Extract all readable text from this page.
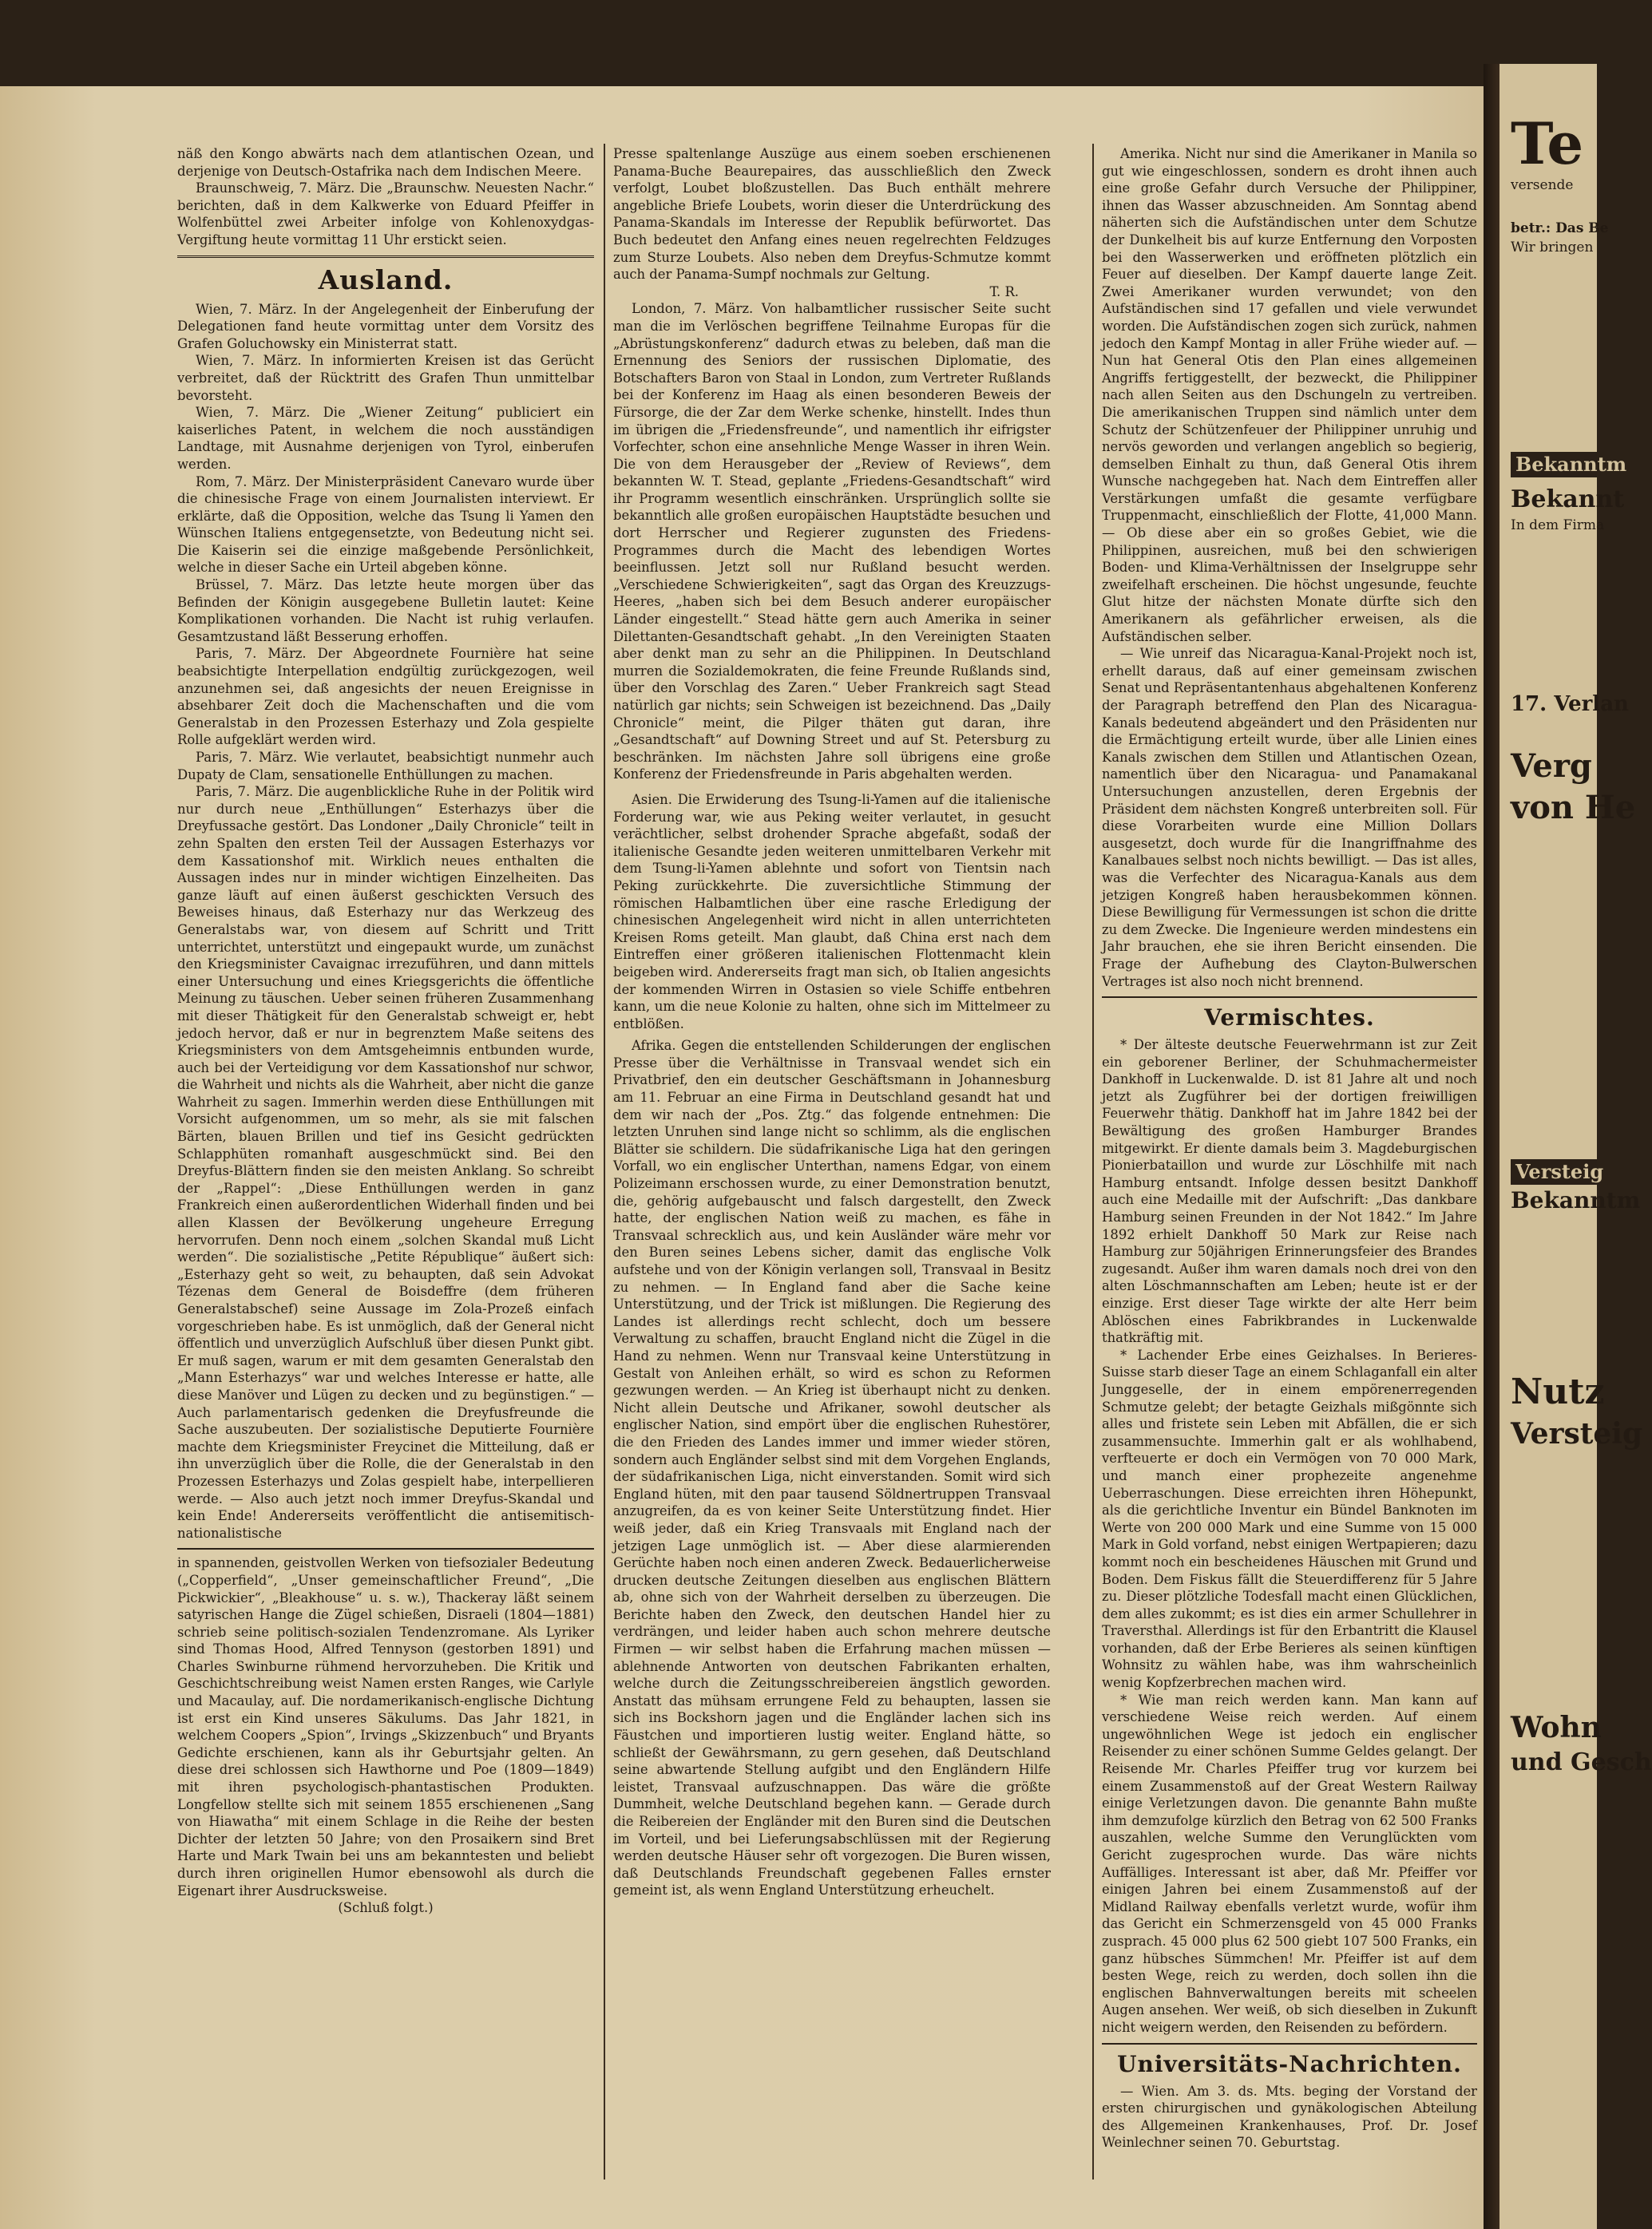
näß den Kongo abwärts nach dem atlantischen Ozean, und derjenige von Deutsch-Ostafrika nach dem Indischen Meere.

Braunschweig, 7. März. Die „Braunschw. Neuesten Nachr.“ berichten, daß in dem Kalkwerke von Eduard Pfeiffer in Wolfenbüttel zwei Arbeiter infolge von Kohlenoxydgas-Vergiftung heute vormittag 11 Uhr erstickt seien.

Ausland.

Wien, 7. März. In der Angelegenheit der Einberufung der Delegationen fand heute vormittag unter dem Vorsitz des Grafen Goluchowsky ein Ministerrat statt.

Wien, 7. März. In informierten Kreisen ist das Gerücht verbreitet, daß der Rücktritt des Grafen Thun unmittelbar bevorsteht.

Wien, 7. März. Die „Wiener Zeitung“ publiciert ein kaiserliches Patent, in welchem die noch ausständigen Landtage, mit Ausnahme derjenigen von Tyrol, einberufen werden.

Rom, 7. März. Der Ministerpräsident Canevaro wurde über die chinesische Frage von einem Journalisten interviewt. Er erklärte, daß die Opposition, welche das Tsung li Yamen den Wünschen Italiens entgegensetzte, von Bedeutung nicht sei. Die Kaiserin sei die einzige maßgebende Persönlichkeit, welche in dieser Sache ein Urteil abgeben könne.

Brüssel, 7. März. Das letzte heute morgen über das Befinden der Königin ausgegebene Bulletin lautet: Keine Komplikationen vorhanden. Die Nacht ist ruhig verlaufen. Gesamtzustand läßt Besserung erhoffen.

Paris, 7. März. Der Abgeordnete Fournière hat seine beabsichtigte Interpellation endgültig zurückgezogen, weil anzunehmen sei, daß angesichts der neuen Ereignisse in absehbarer Zeit doch die Machenschaften und die vom Generalstab in den Prozessen Esterhazy und Zola gespielte Rolle aufgeklärt werden wird.

Paris, 7. März. Wie verlautet, beabsichtigt nunmehr auch Dupaty de Clam, sensationelle Enthüllungen zu machen.

Paris, 7. März. Die augenblickliche Ruhe in der Politik wird nur durch neue „Enthüllungen“ Esterhazys über die Dreyfussache gestört. Das Londoner „Daily Chronicle“ teilt in zehn Spalten den ersten Teil der Aussagen Esterhazys vor dem Kassationshof mit. Wirklich neues enthalten die Aussagen indes nur in minder wichtigen Einzelheiten. Das ganze läuft auf einen äußerst geschickten Versuch des Beweises hinaus, daß Esterhazy nur das Werkzeug des Generalstabs war, von diesem auf Schritt und Tritt unterrichtet, unterstützt und eingepaukt wurde, um zunächst den Kriegsminister Cavaignac irrezuführen, und dann mittels einer Untersuchung und eines Kriegsgerichts die öffentliche Meinung zu täuschen. Ueber seinen früheren Zusammenhang mit dieser Thätigkeit für den Generalstab schweigt er, hebt jedoch hervor, daß er nur in begrenztem Maße seitens des Kriegsministers von dem Amtsgeheimnis entbunden wurde, auch bei der Verteidigung vor dem Kassationshof nur schwor, die Wahrheit und nichts als die Wahrheit, aber nicht die ganze Wahrheit zu sagen. Immerhin werden diese Enthüllungen mit Vorsicht aufgenommen, um so mehr, als sie mit falschen Bärten, blauen Brillen und tief ins Gesicht gedrückten Schlapphüten romanhaft ausgeschmückt sind. Bei den Dreyfus-Blättern finden sie den meisten Anklang. So schreibt der „Rappel“: „Diese Enthüllungen werden in ganz Frankreich einen außerordentlichen Widerhall finden und bei allen Klassen der Bevölkerung ungeheure Erregung hervorrufen. Denn noch einem „solchen Skandal muß Licht werden“. Die sozialistische „Petite République“ äußert sich: „Esterhazy geht so weit, zu behaupten, daß sein Advokat Tézenas dem General de Boisdeffre (dem früheren Generalstabschef) seine Aussage im Zola-Prozeß einfach vorgeschrieben habe. Es ist unmöglich, daß der General nicht öffentlich und unverzüglich Aufschluß über diesen Punkt gibt. Er muß sagen, warum er mit dem gesamten Generalstab den „Mann Esterhazys“ war und welches Interesse er hatte, alle diese Manöver und Lügen zu decken und zu begünstigen.“ — Auch parlamentarisch gedenken die Dreyfusfreunde die Sache auszubeuten. Der sozialistische Deputierte Fournière machte dem Kriegsminister Freycinet die Mitteilung, daß er ihn unverzüglich über die Rolle, die der Generalstab in den Prozessen Esterhazys und Zolas gespielt habe, interpellieren werde. — Also auch jetzt noch immer Dreyfus-Skandal und kein Ende! Andererseits veröffentlicht die antisemitisch-nationalistische

in spannenden, geistvollen Werken von tiefsozialer Bedeutung („Copperfield“, „Unser gemeinschaftlicher Freund“, „Die Pickwickier“, „Bleakhouse“ u. s. w.), Thackeray läßt seinem satyrischen Hange die Zügel schießen, Disraeli (1804—1881) schrieb seine politisch-sozialen Tendenzromane. Als Lyriker sind Thomas Hood, Alfred Tennyson (gestorben 1891) und Charles Swinburne rühmend hervorzuheben. Die Kritik und Geschichtschreibung weist Namen ersten Ranges, wie Carlyle und Macaulay, auf. Die nordamerikanisch-englische Dichtung ist erst ein Kind unseres Säkulums. Das Jahr 1821, in welchem Coopers „Spion“, Irvings „Skizzenbuch“ und Bryants Gedichte erschienen, kann als ihr Geburtsjahr gelten. An diese drei schlossen sich Hawthorne und Poe (1809—1849) mit ihren psychologisch-phantastischen Produkten. Longfellow stellte sich mit seinem 1855 erschienenen „Sang von Hiawatha“ mit einem Schlage in die Reihe der besten Dichter der letzten 50 Jahre; von den Prosaikern sind Bret Harte und Mark Twain bei uns am bekanntesten und beliebt durch ihren originellen Humor ebensowohl als durch die Eigenart ihrer Ausdrucksweise.

(Schluß folgt.)

Presse spaltenlange Auszüge aus einem soeben erschienenen Panama-Buche Beaurepaires, das ausschließlich den Zweck verfolgt, Loubet bloßzustellen. Das Buch enthält mehrere angebliche Briefe Loubets, worin dieser die Unterdrückung des Panama-Skandals im Interesse der Republik befürwortet. Das Buch bedeutet den Anfang eines neuen regelrechten Feldzuges zum Sturze Loubets. Also neben dem Dreyfus-Schmutze kommt auch der Panama-Sumpf nochmals zur Geltung.

T. R.

London, 7. März. Von halbamtlicher russischer Seite sucht man die im Verlöschen begriffene Teilnahme Europas für die „Abrüstungskonferenz“ dadurch etwas zu beleben, daß man die Ernennung des Seniors der russischen Diplomatie, des Botschafters Baron von Staal in London, zum Vertreter Rußlands bei der Konferenz im Haag als einen besonderen Beweis der Fürsorge, die der Zar dem Werke schenke, hinstellt. Indes thun im übrigen die „Friedensfreunde“, und namentlich ihr eifrigster Vorfechter, schon eine ansehnliche Menge Wasser in ihren Wein. Die von dem Herausgeber der „Review of Reviews“, dem bekannten W. T. Stead, geplante „Friedens-Gesandtschaft“ wird ihr Programm wesentlich einschränken. Ursprünglich sollte sie bekanntlich alle großen europäischen Hauptstädte besuchen und dort Herrscher und Regierer zugunsten des Friedens-Programmes durch die Macht des lebendigen Wortes beeinflussen. Jetzt soll nur Rußland besucht werden. „Verschiedene Schwierigkeiten“, sagt das Organ des Kreuzzugs-Heeres, „haben sich bei dem Besuch anderer europäischer Länder eingestellt.“ Stead hätte gern auch Amerika in seiner Dilettanten-Gesandtschaft gehabt. „In den Vereinigten Staaten aber denkt man zu sehr an die Philippinen. In Deutschland murren die Sozialdemokraten, die feine Freunde Rußlands sind, über den Vorschlag des Zaren.“ Ueber Frankreich sagt Stead natürlich gar nichts; sein Schweigen ist bezeichnend. Das „Daily Chronicle“ meint, die Pilger thäten gut daran, ihre „Gesandtschaft“ auf Downing Street und auf St. Petersburg zu beschränken. Im nächsten Jahre soll übrigens eine große Konferenz der Friedensfreunde in Paris abgehalten werden.

Asien. Die Erwiderung des Tsung-li-Yamen auf die italienische Forderung war, wie aus Peking weiter verlautet, in gesucht verächtlicher, selbst drohender Sprache abgefaßt, sodaß der italienische Gesandte jeden weiteren unmittelbaren Verkehr mit dem Tsung-li-Yamen ablehnte und sofort von Tientsin nach Peking zurückkehrte. Die zuversichtliche Stimmung der römischen Halbamtlichen über eine rasche Erledigung der chinesischen Angelegenheit wird nicht in allen unterrichteten Kreisen Roms geteilt. Man glaubt, daß China erst nach dem Eintreffen einer größeren italienischen Flottenmacht klein beigeben wird. Andererseits fragt man sich, ob Italien angesichts der kommenden Wirren in Ostasien so viele Schiffe entbehren kann, um die neue Kolonie zu halten, ohne sich im Mittelmeer zu entblößen.

Afrika. Gegen die entstellenden Schilderungen der englischen Presse über die Verhältnisse in Transvaal wendet sich ein Privatbrief, den ein deutscher Geschäftsmann in Johannesburg am 11. Februar an eine Firma in Deutschland gesandt hat und dem wir nach der „Pos. Ztg.“ das folgende entnehmen: Die letzten Unruhen sind lange nicht so schlimm, als die englischen Blätter sie schildern. Die südafrikanische Liga hat den geringen Vorfall, wo ein englischer Unterthan, namens Edgar, von einem Polizeimann erschossen wurde, zu einer Demonstration benutzt, die, gehörig aufgebauscht und falsch dargestellt, den Zweck hatte, der englischen Nation weiß zu machen, es fähe in Transvaal schrecklich aus, und kein Ausländer wäre mehr vor den Buren seines Lebens sicher, damit das englische Volk aufstehe und von der Königin verlangen soll, Transvaal in Besitz zu nehmen. — In England fand aber die Sache keine Unterstützung, und der Trick ist mißlungen. Die Regierung des Landes ist allerdings recht schlecht, doch um bessere Verwaltung zu schaffen, braucht England nicht die Zügel in die Hand zu nehmen. Wenn nur Transvaal keine Unterstützung in Gestalt von Anleihen erhält, so wird es schon zu Reformen gezwungen werden. — An Krieg ist überhaupt nicht zu denken. Nicht allein Deutsche und Afrikaner, sowohl deutscher als englischer Nation, sind empört über die englischen Ruhestörer, die den Frieden des Landes immer und immer wieder stören, sondern auch Engländer selbst sind mit dem Vorgehen Englands, der südafrikanischen Liga, nicht einverstanden. Somit wird sich England hüten, mit den paar tausend Söldnertruppen Transvaal anzugreifen, da es von keiner Seite Unterstützung findet. Hier weiß jeder, daß ein Krieg Transvaals mit England nach der jetzigen Lage unmöglich ist. — Aber diese alarmierenden Gerüchte haben noch einen anderen Zweck. Bedauerlicherweise drucken deutsche Zeitungen dieselben aus englischen Blättern ab, ohne sich von der Wahrheit derselben zu überzeugen. Die Berichte haben den Zweck, den deutschen Handel hier zu verdrängen, und leider haben auch schon mehrere deutsche Firmen — wir selbst haben die Erfahrung machen müssen — ablehnende Antworten von deutschen Fabrikanten erhalten, welche durch die Zeitungsschreibereien ängstlich geworden. Anstatt das mühsam errungene Feld zu behaupten, lassen sie sich ins Bockshorn jagen und die Engländer lachen sich ins Fäustchen und importieren lustig weiter. England hätte, so schließt der Gewährsmann, zu gern gesehen, daß Deutschland seine abwartende Stellung aufgibt und den Engländern Hilfe leistet, Transvaal aufzuschnappen. Das wäre die größte Dummheit, welche Deutschland begehen kann. — Gerade durch die Reibereien der Engländer mit den Buren sind die Deutschen im Vorteil, und bei Lieferungsabschlüssen mit der Regierung werden deutsche Häuser sehr oft vorgezogen. Die Buren wissen, daß Deutschlands Freundschaft gegebenen Falles ernster gemeint ist, als wenn England Unterstützung erheuchelt.

Amerika. Nicht nur sind die Amerikaner in Manila so gut wie eingeschlossen, sondern es droht ihnen auch eine große Gefahr durch Versuche der Philippiner, ihnen das Wasser abzuschneiden. Am Sonntag abend näherten sich die Aufständischen unter dem Schutze der Dunkelheit bis auf kurze Entfernung den Vorposten bei den Wasserwerken und eröffneten plötzlich ein Feuer auf dieselben. Der Kampf dauerte lange Zeit. Zwei Amerikaner wurden verwundet; von den Aufständischen sind 17 gefallen und viele verwundet worden. Die Aufständischen zogen sich zurück, nahmen jedoch den Kampf Montag in aller Frühe wieder auf. — Nun hat General Otis den Plan eines allgemeinen Angriffs fertiggestellt, der bezweckt, die Philippiner nach allen Seiten aus den Dschungeln zu vertreiben. Die amerikanischen Truppen sind nämlich unter dem Schutz der Schützenfeuer der Philippiner unruhig und nervös geworden und verlangen angeblich so begierig, demselben Einhalt zu thun, daß General Otis ihrem Wunsche nachgegeben hat. Nach dem Eintreffen aller Verstärkungen umfaßt die gesamte verfügbare Truppenmacht, einschließlich der Flotte, 41,000 Mann. — Ob diese aber ein so großes Gebiet, wie die Philippinen, ausreichen, muß bei den schwierigen Boden- und Klima-Verhältnissen der Inselgruppe sehr zweifelhaft erscheinen. Die höchst ungesunde, feuchte Glut hitze der nächsten Monate dürfte sich den Amerikanern als gefährlicher erweisen, als die Aufständischen selber.

— Wie unreif das Nicaragua-Kanal-Projekt noch ist, erhellt daraus, daß auf einer gemeinsam zwischen Senat und Repräsentantenhaus abgehaltenen Konferenz der Paragraph betreffend den Plan des Nicaragua-Kanals bedeutend abgeändert und den Präsidenten nur die Ermächtigung erteilt wurde, über alle Linien eines Kanals zwischen dem Stillen und Atlantischen Ozean, namentlich über den Nicaragua- und Panamakanal Untersuchungen anzustellen, deren Ergebnis der Präsident dem nächsten Kongreß unterbreiten soll. Für diese Vorarbeiten wurde eine Million Dollars ausgesetzt, doch wurde für die Inangriffnahme des Kanalbaues selbst noch nichts bewilligt. — Das ist alles, was die Verfechter des Nicaragua-Kanals aus dem jetzigen Kongreß haben herausbekommen können. Diese Bewilligung für Vermessungen ist schon die dritte zu dem Zwecke. Die Ingenieure werden mindestens ein Jahr brauchen, ehe sie ihren Bericht einsenden. Die Frage der Aufhebung des Clayton-Bulwerschen Vertrages ist also noch nicht brennend.

Vermischtes.

* Der älteste deutsche Feuerwehrmann ist zur Zeit ein geborener Berliner, der Schuhmachermeister Dankhoff in Luckenwalde. D. ist 81 Jahre alt und noch jetzt als Zugführer bei der dortigen freiwilligen Feuerwehr thätig. Dankhoff hat im Jahre 1842 bei der Bewältigung des großen Hamburger Brandes mitgewirkt. Er diente damals beim 3. Magdeburgischen Pionierbataillon und wurde zur Löschhilfe mit nach Hamburg entsandt. Infolge dessen besitzt Dankhoff auch eine Medaille mit der Aufschrift: „Das dankbare Hamburg seinen Freunden in der Not 1842.“ Im Jahre 1892 erhielt Dankhoff 50 Mark zur Reise nach Hamburg zur 50jährigen Erinnerungsfeier des Brandes zugesandt. Außer ihm waren damals noch drei von den alten Löschmannschaften am Leben; heute ist er der einzige. Erst dieser Tage wirkte der alte Herr beim Ablöschen eines Fabrikbrandes in Luckenwalde thatkräftig mit.

* Lachender Erbe eines Geizhalses. In Berieres-Suisse starb dieser Tage an einem Schlaganfall ein alter Junggeselle, der in einem empörenerregenden Schmutze gelebt; der betagte Geizhals mißgönnte sich alles und fristete sein Leben mit Abfällen, die er sich zusammensuchte. Immerhin galt er als wohlhabend, verfteuerte er doch ein Vermögen von 70 000 Mark, und manch einer prophezeite angenehme Ueberraschungen. Diese erreichten ihren Höhepunkt, als die gerichtliche Inventur ein Bündel Banknoten im Werte von 200 000 Mark und eine Summe von 15 000 Mark in Gold vorfand, nebst einigen Wertpapieren; dazu kommt noch ein bescheidenes Häuschen mit Grund und Boden. Dem Fiskus fällt die Steuerdifferenz für 5 Jahre zu. Dieser plötzliche Todesfall macht einen Glücklichen, dem alles zukommt; es ist dies ein armer Schullehrer in Traversthal. Allerdings ist für den Erbantritt die Klausel vorhanden, daß der Erbe Berieres als seinen künftigen Wohnsitz zu wählen habe, was ihm wahrscheinlich wenig Kopfzerbrechen machen wird.

* Wie man reich werden kann. Man kann auf verschiedene Weise reich werden. Auf einem ungewöhnlichen Wege ist jedoch ein englischer Reisender zu einer schönen Summe Geldes gelangt. Der Reisende Mr. Charles Pfeiffer trug vor kurzem bei einem Zusammenstoß auf der Great Western Railway einige Verletzungen davon. Die genannte Bahn mußte ihm demzufolge kürzlich den Betrag von 62 500 Franks auszahlen, welche Summe den Verunglückten vom Gericht zugesprochen wurde. Das wäre nichts Auffälliges. Interessant ist aber, daß Mr. Pfeiffer vor einigen Jahren bei einem Zusammenstoß auf der Midland Railway ebenfalls verletzt wurde, wofür ihm das Gericht ein Schmerzensgeld von 45 000 Franks zusprach. 45 000 plus 62 500 giebt 107 500 Franks, ein ganz hübsches Sümmchen! Mr. Pfeiffer ist auf dem besten Wege, reich zu werden, doch sollen ihn die englischen Bahnverwaltungen bereits mit scheelen Augen ansehen. Wer weiß, ob sich dieselben in Zukunft nicht weigern werden, den Reisenden zu befördern.

Universitäts-Nachrichten.

— Wien. Am 3. ds. Mts. beging der Vorstand der ersten chirurgischen und gynäkologischen Abteilung des Allgemeinen Krankenhauses, Prof. Dr. Josef Weinlechner seinen 70. Geburtstag.

Te
versende
betr.: Das Be
Wir bringen
Bekanntm
Bekannt
In dem Firma
17. Verlan
Verg
von He
Versteig
Bekanntm
Nutz
Versteig
Wohn
und Gesch
